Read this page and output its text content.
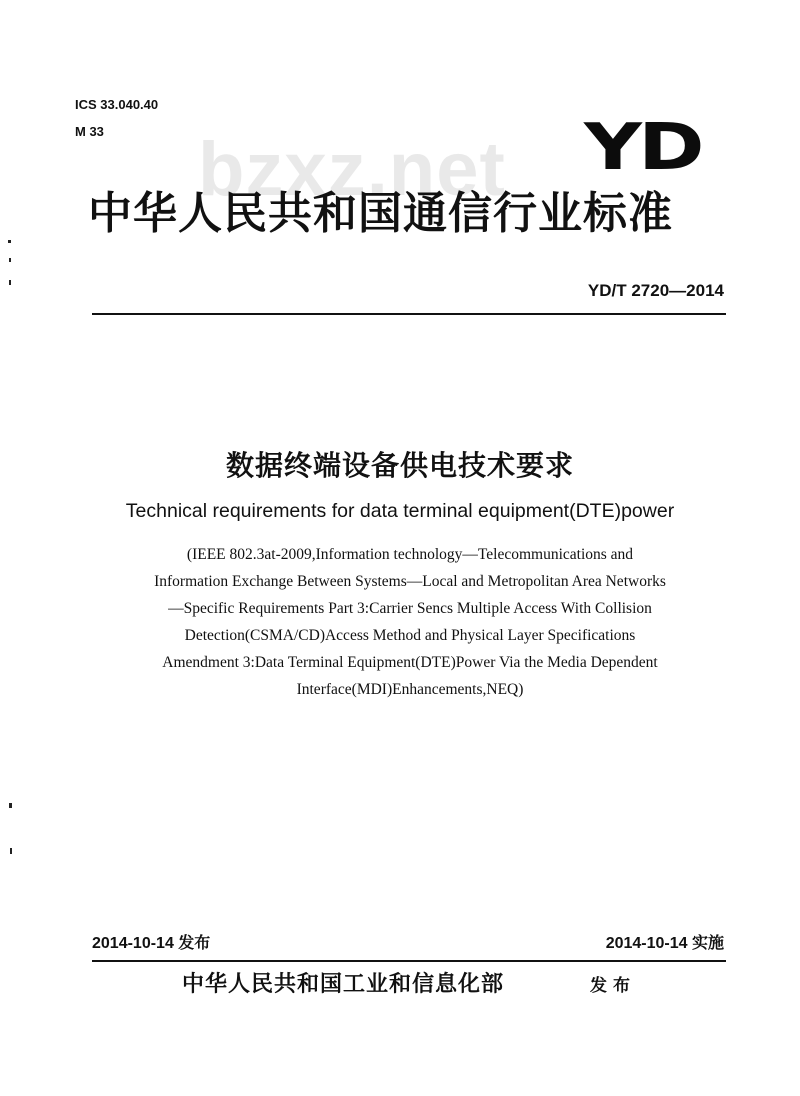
bzxz.net
ICS 33.040.40
M 33	YD
中华人民共和国通信行业标准
YD/T 2720—2014
数据终端设备供电技术要求
Technical requirements for data terminal equipment(DTE)power
(IEEE 802.3at-2009,Information technology—Telecommunications and
Information Exchange Between Systems—Local and Metropolitan Area Networks
—Specific Requirements Part 3:Carrier Sencs Multiple Access With Collision
Detection(CSMA/CD)Access Method and Physical Layer Specifications
Amendment 3:Data Terminal Equipment(DTE)Power Via the Media Dependent
Interface(MDI)Enhancements,NEQ)
2014-10-14 发布	2014-10-14 实施
中华人民共和国工业和信息化部	发布
